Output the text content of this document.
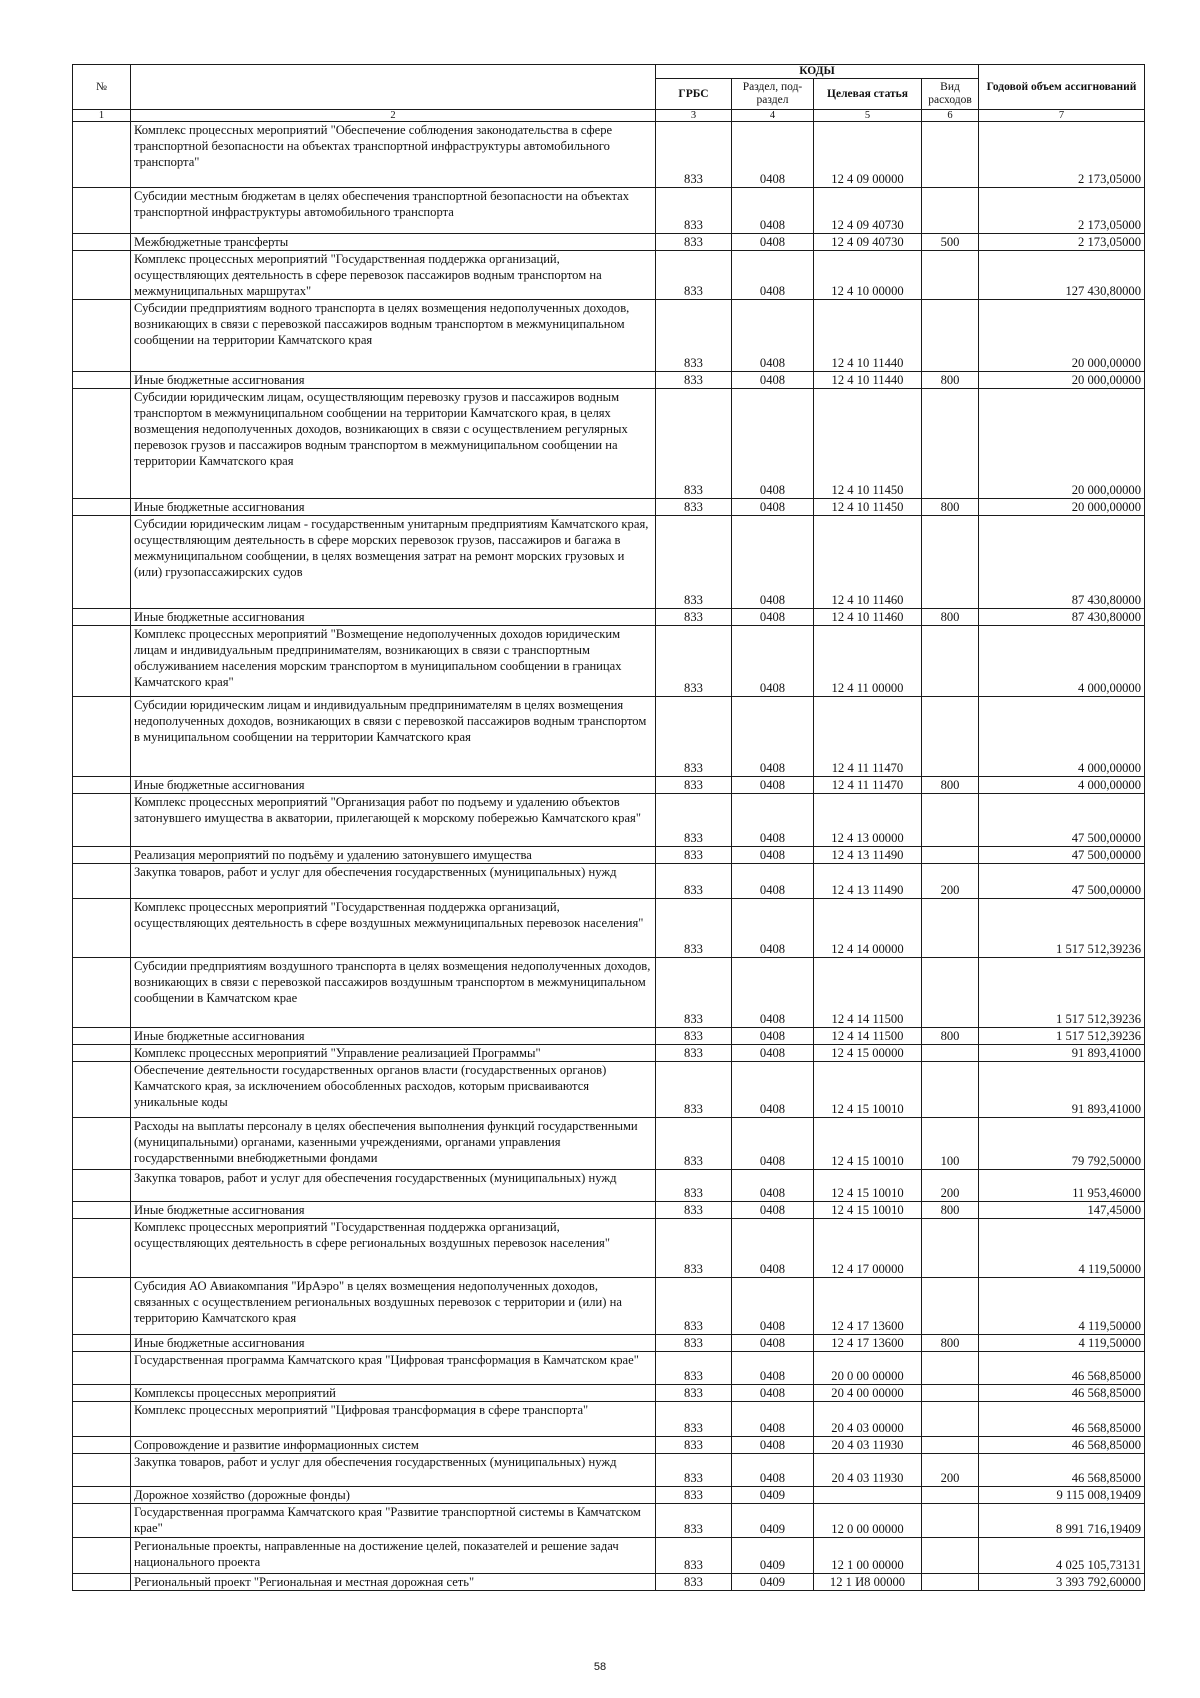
№		КОДЫ				Годовой объем ассигнований
		ГРБС	Раздел, под-раздел	Целевая статья	Вид расходов	
1	2	3	4	5	6	7
	Комплекс процессных мероприятий "Обеспечение соблюдения законодательства в сфере транспортной безопасности на объектах транспортной инфраструктуры автомобильного транспорта"	833	0408	12 4 09 00000		2 173,05000
	Субсидии местным бюджетам в целях обеспечения транспортной безопасности на объектах транспортной инфраструктуры автомобильного транспорта	833	0408	12 4 09 40730		2 173,05000
	Межбюджетные трансферты	833	0408	12 4 09 40730	500	2 173,05000
	Комплекс процессных мероприятий "Государственная поддержка организаций, осуществляющих деятельность в сфере перевозок пассажиров водным транспортом на межмуниципальных маршрутах"	833	0408	12 4 10 00000		127 430,80000
	Субсидии предприятиям водного транспорта в целях возмещения недополученных доходов, возникающих в связи с перевозкой пассажиров водным транспортом в межмуниципальном сообщении на территории Камчатского края	833	0408	12 4 10 11440		20 000,00000
	Иные бюджетные ассигнования	833	0408	12 4 10 11440	800	20 000,00000
	Субсидии юридическим лицам, осуществляющим перевозку грузов и пассажиров водным транспортом в межмуниципальном сообщении на территории Камчатского края, в целях возмещения недополученных доходов, возникающих в связи с осуществлением регулярных перевозок грузов и пассажиров водным транспортом в межмуниципальном сообщении на территории Камчатского края	833	0408	12 4 10 11450		20 000,00000
	Иные бюджетные ассигнования	833	0408	12 4 10 11450	800	20 000,00000
	Субсидии юридическим лицам - государственным унитарным предприятиям Камчатского края, осуществляющим деятельность в сфере морских перевозок грузов, пассажиров и багажа в межмуниципальном сообщении, в целях возмещения затрат на ремонт морских грузовых и (или) грузопассажирских судов	833	0408	12 4 10 11460		87 430,80000
	Иные бюджетные ассигнования	833	0408	12 4 10 11460	800	87 430,80000
	Комплекс процессных мероприятий "Возмещение недополученных доходов юридическим лицам и индивидуальным предпринимателям, возникающих в связи с транспортным обслуживанием населения морским транспортом в муниципальном сообщении в границах Камчатского края"	833	0408	12 4 11 00000		4 000,00000
	Субсидии юридическим лицам и индивидуальным предпринимателям в целях возмещения недополученных доходов, возникающих в связи с перевозкой пассажиров водным транспортом в муниципальном сообщении на территории Камчатского края	833	0408	12 4 11 11470		4 000,00000
	Иные бюджетные ассигнования	833	0408	12 4 11 11470	800	4 000,00000
	Комплекс процессных мероприятий "Организация работ по подъему и удалению объектов затонувшего имущества в акватории, прилегающей к морскому побережью Камчатского края"	833	0408	12 4 13 00000		47 500,00000
	Реализация мероприятий по подъёму и удалению затонувшего имущества	833	0408	12 4 13 11490		47 500,00000
	Закупка товаров, работ и услуг для обеспечения государственных (муниципальных) нужд	833	0408	12 4 13 11490	200	47 500,00000
	Комплекс процессных мероприятий "Государственная поддержка организаций, осуществляющих деятельность в сфере воздушных межмуниципальных перевозок населения"	833	0408	12 4 14 00000		1 517 512,39236
	Субсидии предприятиям воздушного транспорта в целях возмещения недополученных доходов, возникающих в связи с перевозкой пассажиров воздушным транспортом в межмуниципальном сообщении в Камчатском крае	833	0408	12 4 14 11500		1 517 512,39236
	Иные бюджетные ассигнования	833	0408	12 4 14 11500	800	1 517 512,39236
	Комплекс процессных мероприятий "Управление реализацией Программы"	833	0408	12 4 15 00000		91 893,41000
	Обеспечение деятельности государственных органов власти (государственных органов) Камчатского края, за исключением обособленных расходов, которым присваиваются уникальные коды	833	0408	12 4 15 10010		91 893,41000
	Расходы на выплаты персоналу в целях обеспечения выполнения функций государственными (муниципальными) органами, казенными учреждениями, органами управления государственными внебюджетными фондами	833	0408	12 4 15 10010	100	79 792,50000
	Закупка товаров, работ и услуг для обеспечения государственных (муниципальных) нужд	833	0408	12 4 15 10010	200	11 953,46000
	Иные бюджетные ассигнования	833	0408	12 4 15 10010	800	147,45000
	Комплекс процессных мероприятий "Государственная поддержка организаций, осуществляющих деятельность в сфере региональных воздушных перевозок населения"	833	0408	12 4 17 00000		4 119,50000
	Субсидия АО Авиакомпания "ИрАэро" в целях возмещения недополученных доходов, связанных с осуществлением региональных воздушных перевозок с территории и (или) на территорию Камчатского края	833	0408	12 4 17 13600		4 119,50000
	Иные бюджетные ассигнования	833	0408	12 4 17 13600	800	4 119,50000
	Государственная программа Камчатского края "Цифровая трансформация в Камчатском крае"	833	0408	20 0 00 00000		46 568,85000
	Комплексы процессных мероприятий	833	0408	20 4 00 00000		46 568,85000
	Комплекс процессных мероприятий "Цифровая трансформация в сфере транспорта"	833	0408	20 4 03 00000		46 568,85000
	Сопровождение и развитие информационных систем	833	0408	20 4 03 11930		46 568,85000
	Закупка товаров, работ и услуг для обеспечения государственных (муниципальных) нужд	833	0408	20 4 03 11930	200	46 568,85000
	Дорожное хозяйство (дорожные фонды)	833	0409			9 115 008,19409
	Государственная программа Камчатского края "Развитие транспортной системы в Камчатском крае"	833	0409	12 0 00 00000		8 991 716,19409
	Региональные проекты, направленные на достижение целей, показателей и решение задач национального проекта	833	0409	12 1 00 00000		4 025 105,73131
	Региональный проект "Региональная и местная дорожная сеть"	833	0409	12 1 И8 00000		3 393 792,60000
58
